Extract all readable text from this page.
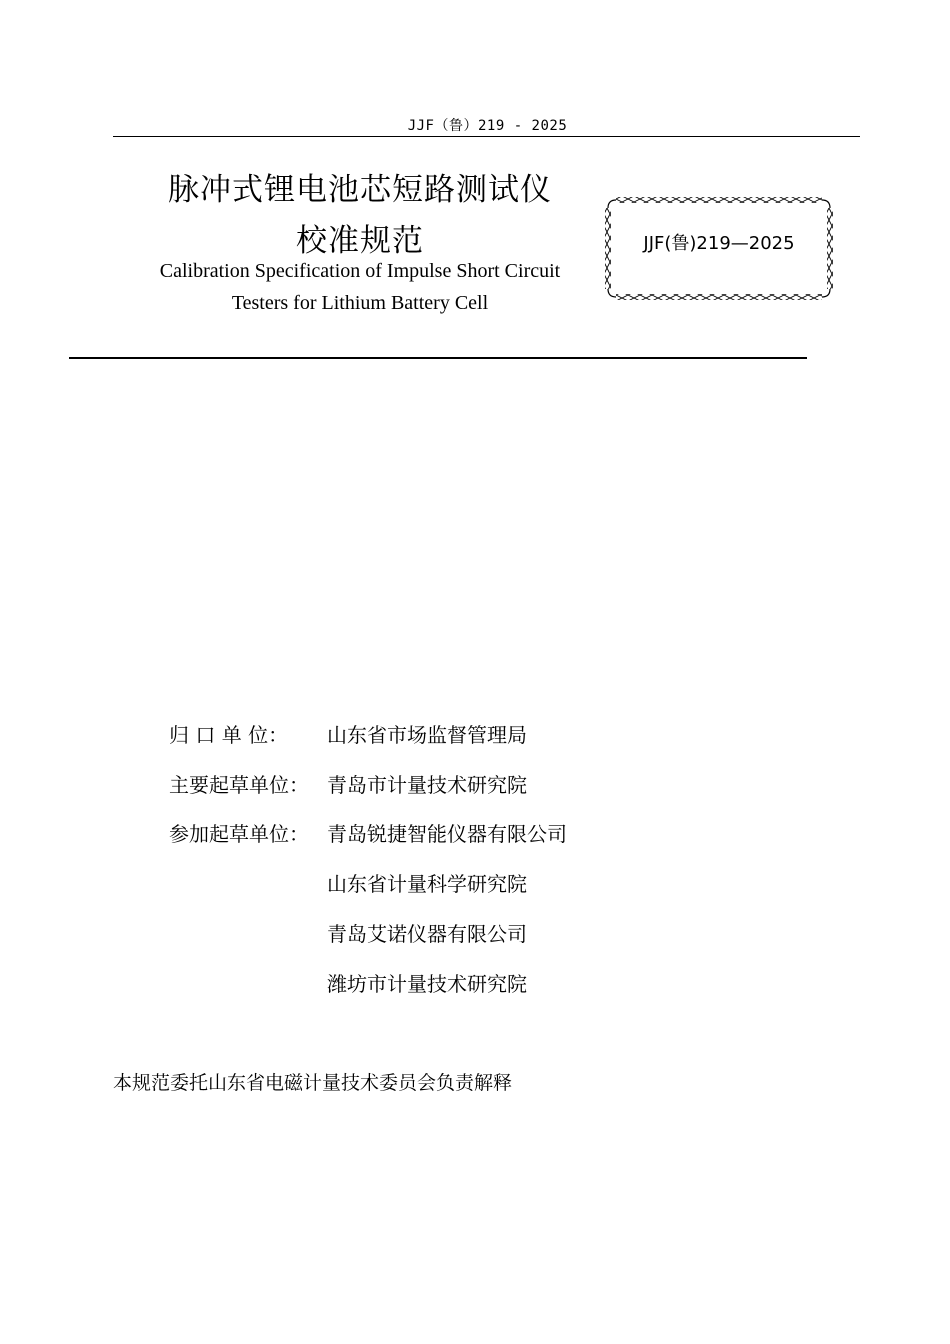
JJF（鲁）219 - 2025
脉冲式锂电池芯短路测试仪
校准规范
Calibration Specification of Impulse Short Circuit
Testers for Lithium Battery Cell
JJF(鲁)219—2025
归 口 单 位： 山东省市场监督管理局
主要起草单位： 青岛市计量技术研究院
参加起草单位： 青岛锐捷智能仪器有限公司
山东省计量科学研究院
青岛艾诺仪器有限公司
潍坊市计量技术研究院
本规范委托山东省电磁计量技术委员会负责解释
